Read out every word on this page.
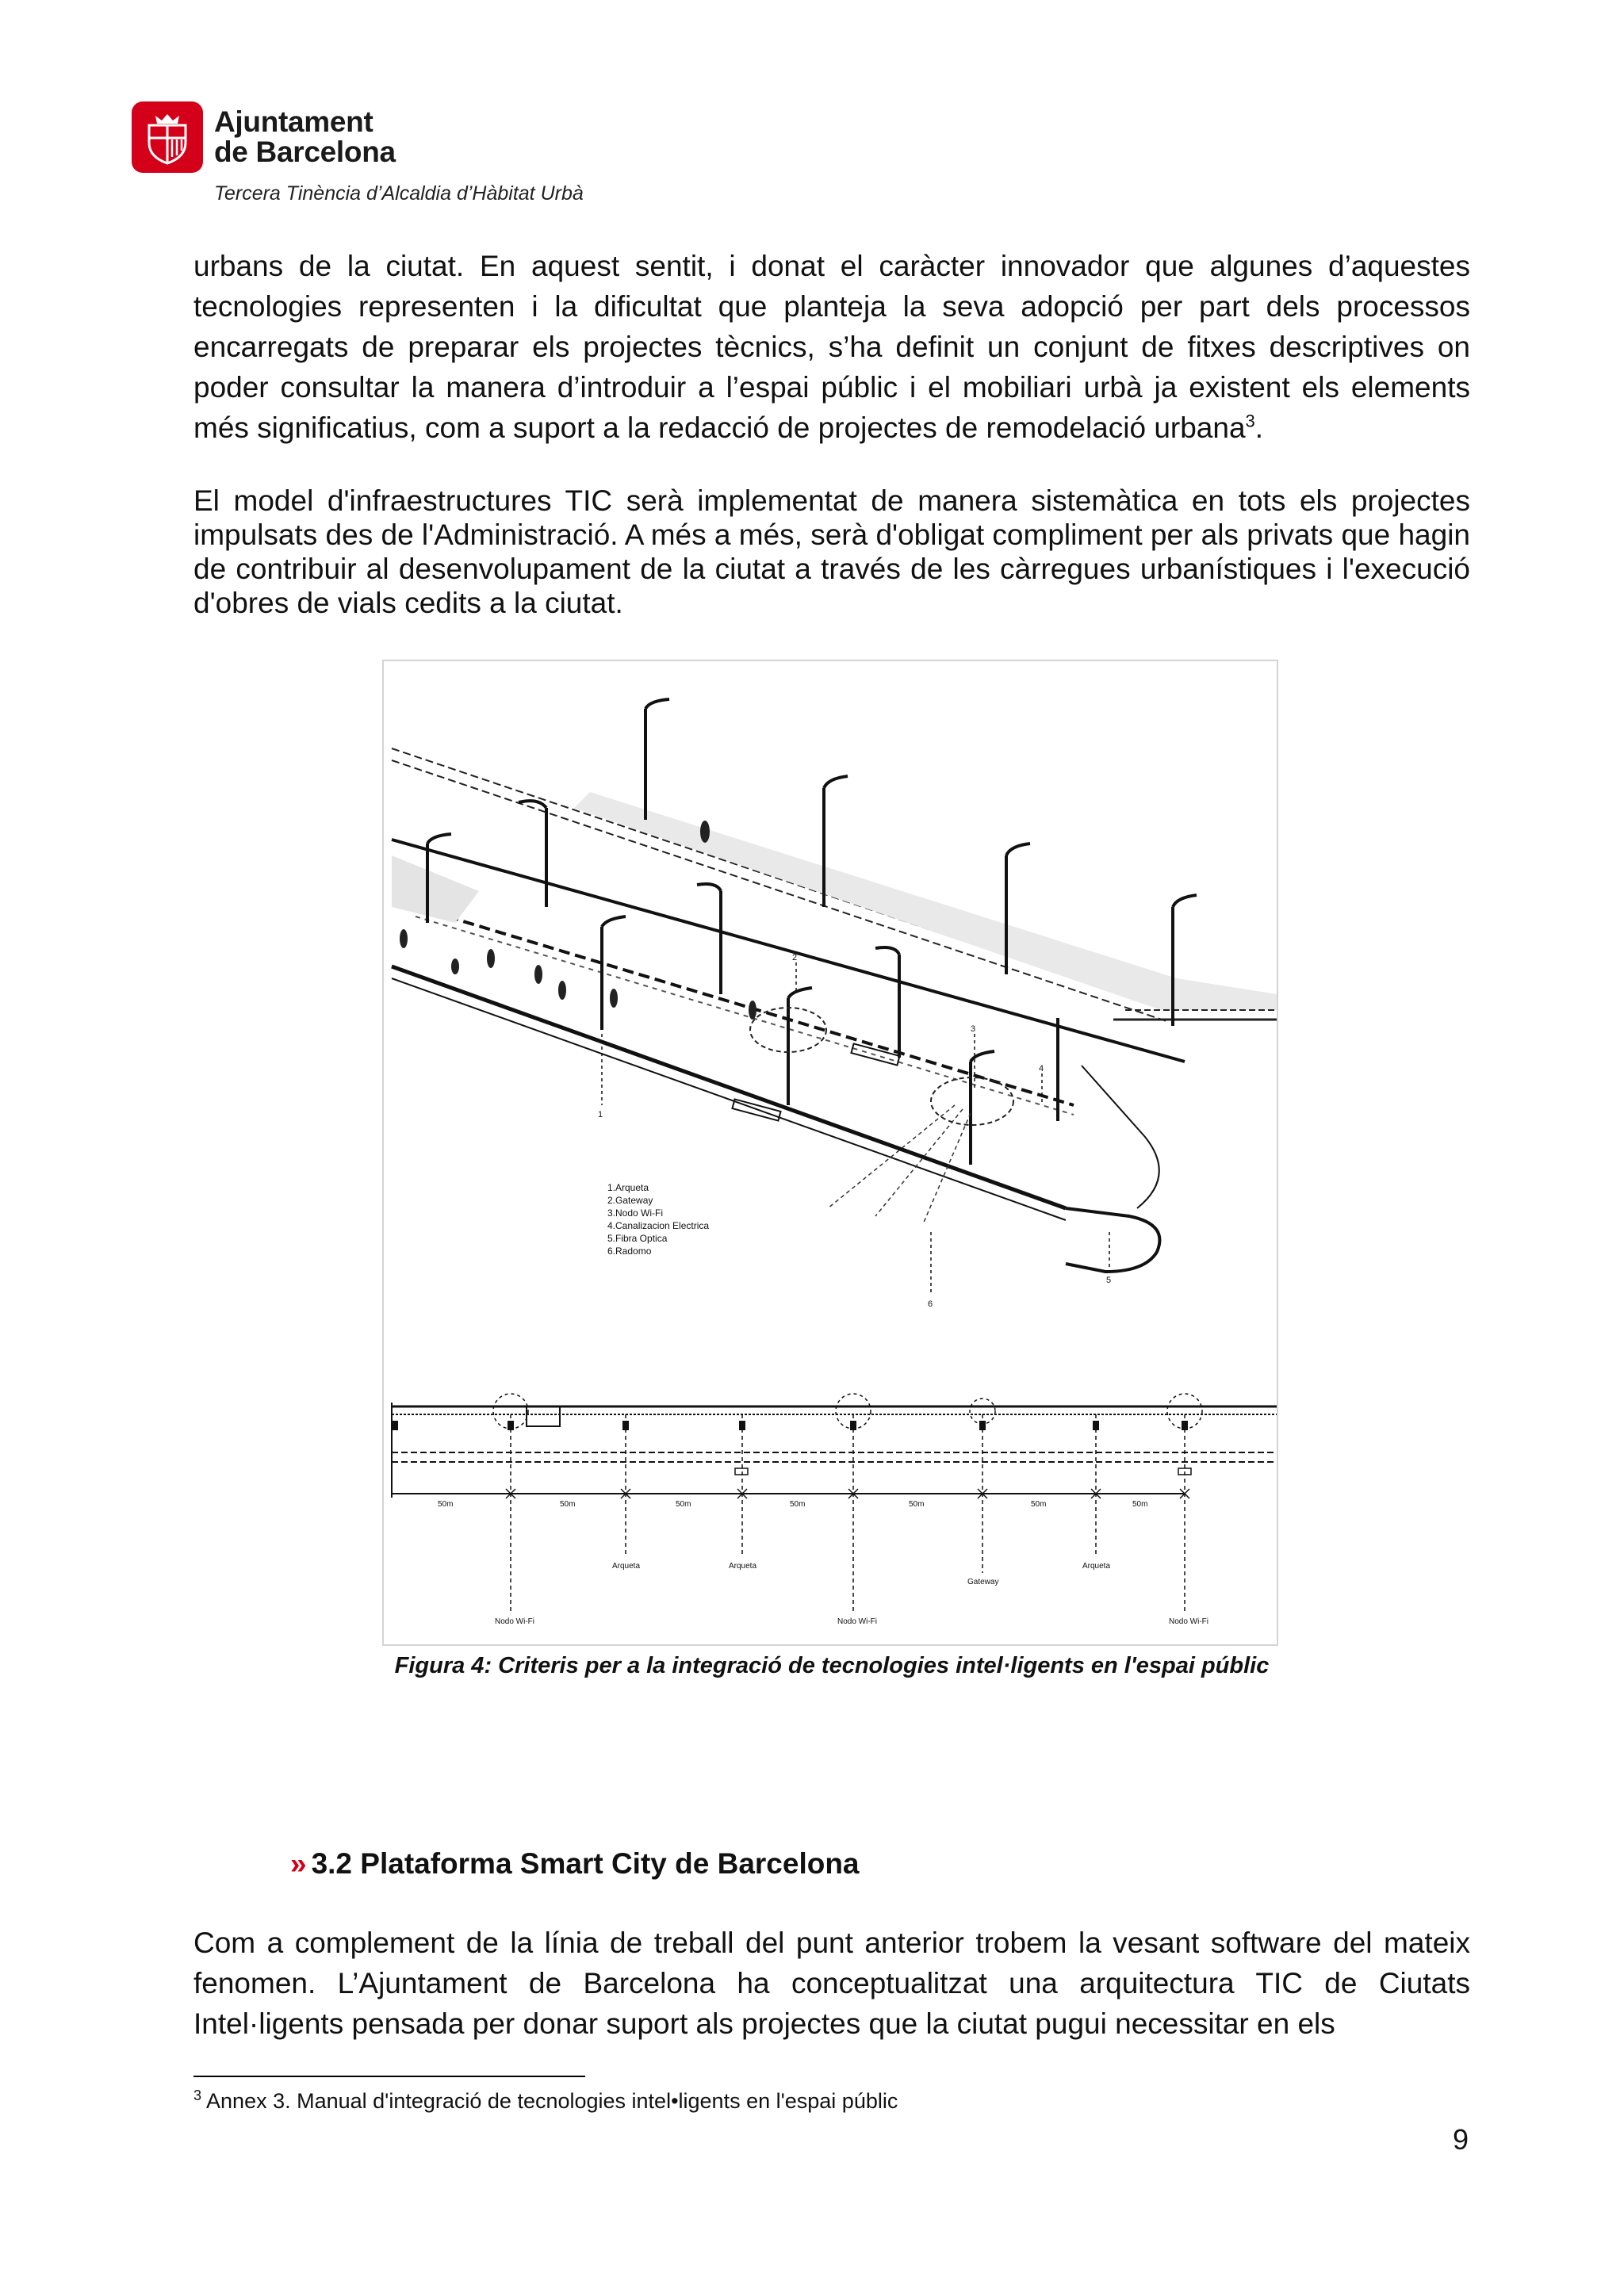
Ajuntament
de Barcelona
Tercera Tinència d’Alcaldia d’Hàbitat Urbà
urbans de la ciutat. En aquest sentit, i donat el caràcter innovador que algunes d’aquestes tecnologies representen i la dificultat que planteja la seva adopció per part dels processos encarregats de preparar els projectes tècnics, s’ha definit un conjunt de fitxes descriptives on poder consultar la manera d’introduir a l’espai públic i el mobiliari urbà ja existent els elements més significatius, com a suport a la redacció de projectes de remodelació urbana$^3$.
El model d'infraestructures TIC serà implementat de manera sistemàtica en tots els projectes impulsats des de l'Administració. A més a més, serà d'obligat compliment per als privats que hagin de contribuir al desenvolupament de la ciutat a través de les càrregues urbanístiques i l'execució d'obres de vials cedits a la ciutat.
1
2
3
4
5
6
1.Arqueta
2.Gateway
3.Nodo Wi-Fi
4.Canalizacion Electrica
5.Fibra Optica
6.Radomo
50m	50m	50m	50m	50m	50m	50m
Arqueta	Arqueta	Arqueta
Gateway
Nodo Wi-Fi	Nodo Wi-Fi	Nodo Wi-Fi
Figura 4: Criteris per a la integració de tecnologies intel·ligents en l'espai públic
» 3.2 Plataforma Smart City de Barcelona
Com a complement de la línia de treball del punt anterior trobem la vesant software del mateix fenomen. L’Ajuntament de Barcelona ha conceptualitzat una arquitectura TIC de Ciutats Intel·ligents pensada per donar suport als projectes que la ciutat pugui necessitar en els
$^3$ Annex 3. Manual d'integració de tecnologies intel•ligents en l'espai públic
9
